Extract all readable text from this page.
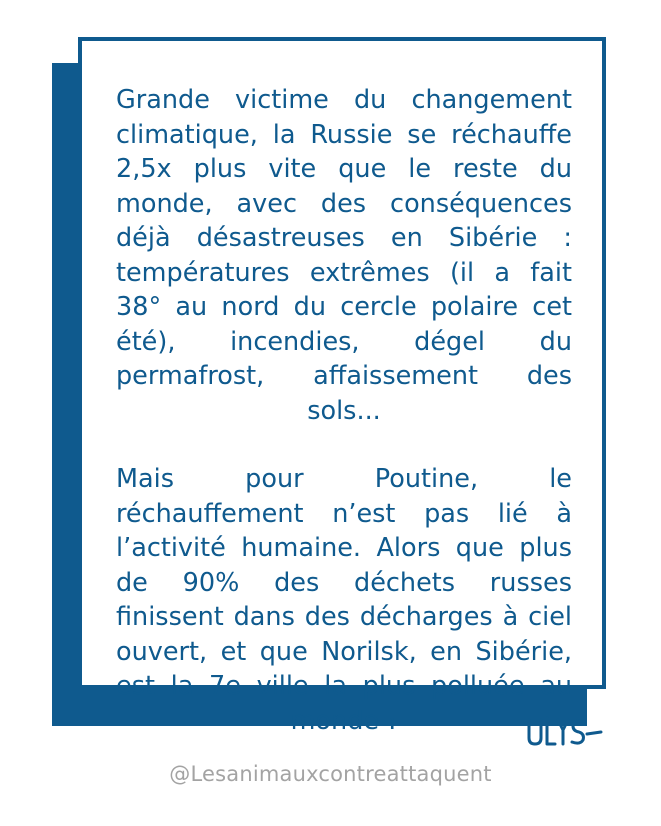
Grande victime du changement climatique, la Russie se réchauffe 2,5x plus vite que le reste du monde, avec des conséquences déjà désastreuses en Sibérie : températures extrêmes (il a fait 38° au nord du cercle polaire cet été), incendies, dégel du permafrost, affaissement des sols...

Mais pour Poutine, le réchauffement n’est pas lié à l’activité humaine. Alors que plus de 90% des déchets russes finissent dans des décharges à ciel ouvert, et que Norilsk, en Sibérie, est la 7e ville la plus polluée au monde !

@Lesanimauxcontreattaquent
